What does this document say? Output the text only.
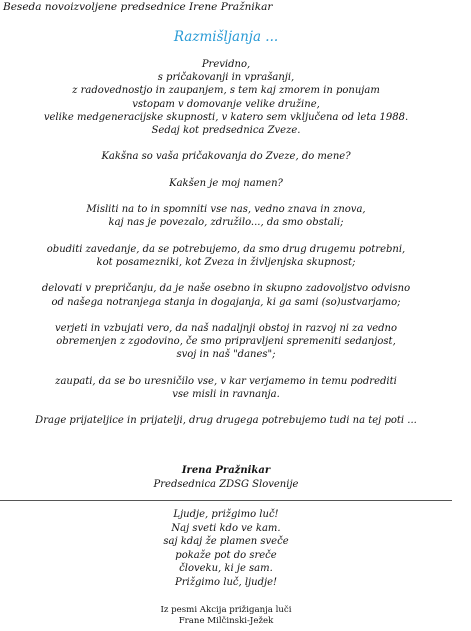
Beseda novoizvoljene predsednice Irene Pražnikar
Razmišljanja ...

Previdno,
s pričakovanji in vprašanji,
z radovednostjo in zaupanjem, s tem kaj zmorem in ponujam
vstopam v domovanje velike družine,
velike medgeneracijske skupnosti, v katero sem vključena od leta 1988.
Sedaj kot predsednica Zveze.

Kakšna so vaša pričakovanja do Zveze, do mene?

Kakšen je moj namen?

Misliti na to in spomniti vse nas, vedno znava in znova,
kaj nas je povezalo, združilo..., da smo obstali;

obuditi zavedanje, da se potrebujemo, da smo drug drugemu potrebni,
kot posamezniki, kot Zveza in življenjska skupnost;

delovati v prepričanju, da je naše osebno in skupno zadovoljstvo odvisno
od našega notranjega stanja in dogajanja, ki ga sami (so)ustvarjamo;

verjeti in vzbujati vero, da naš nadaljnji obstoj in razvoj ni za vedno
obremenjen z zgodovino, če smo pripravljeni spremeniti sedanjost,
svoj in naš "danes";

zaupati, da se bo uresničilo vse, v kar verjamemo in temu podrediti
vse misli in ravnanja.

Drage prijateljice in prijatelji, drug drugega potrebujemo tudi na tej poti ...

Irena Pražnikar
Predsednica ZDSG Slovenije
Ljudje, prižgimo luč!
Naj sveti kdo ve kam.
saj kdaj že plamen sveče
pokaže pot do sreče
človeku, ki je sam.
Prižgimo luč, ljudje!
Iz pesmi Akcija prižiganja luči
Frane Milčinski-Ježek
